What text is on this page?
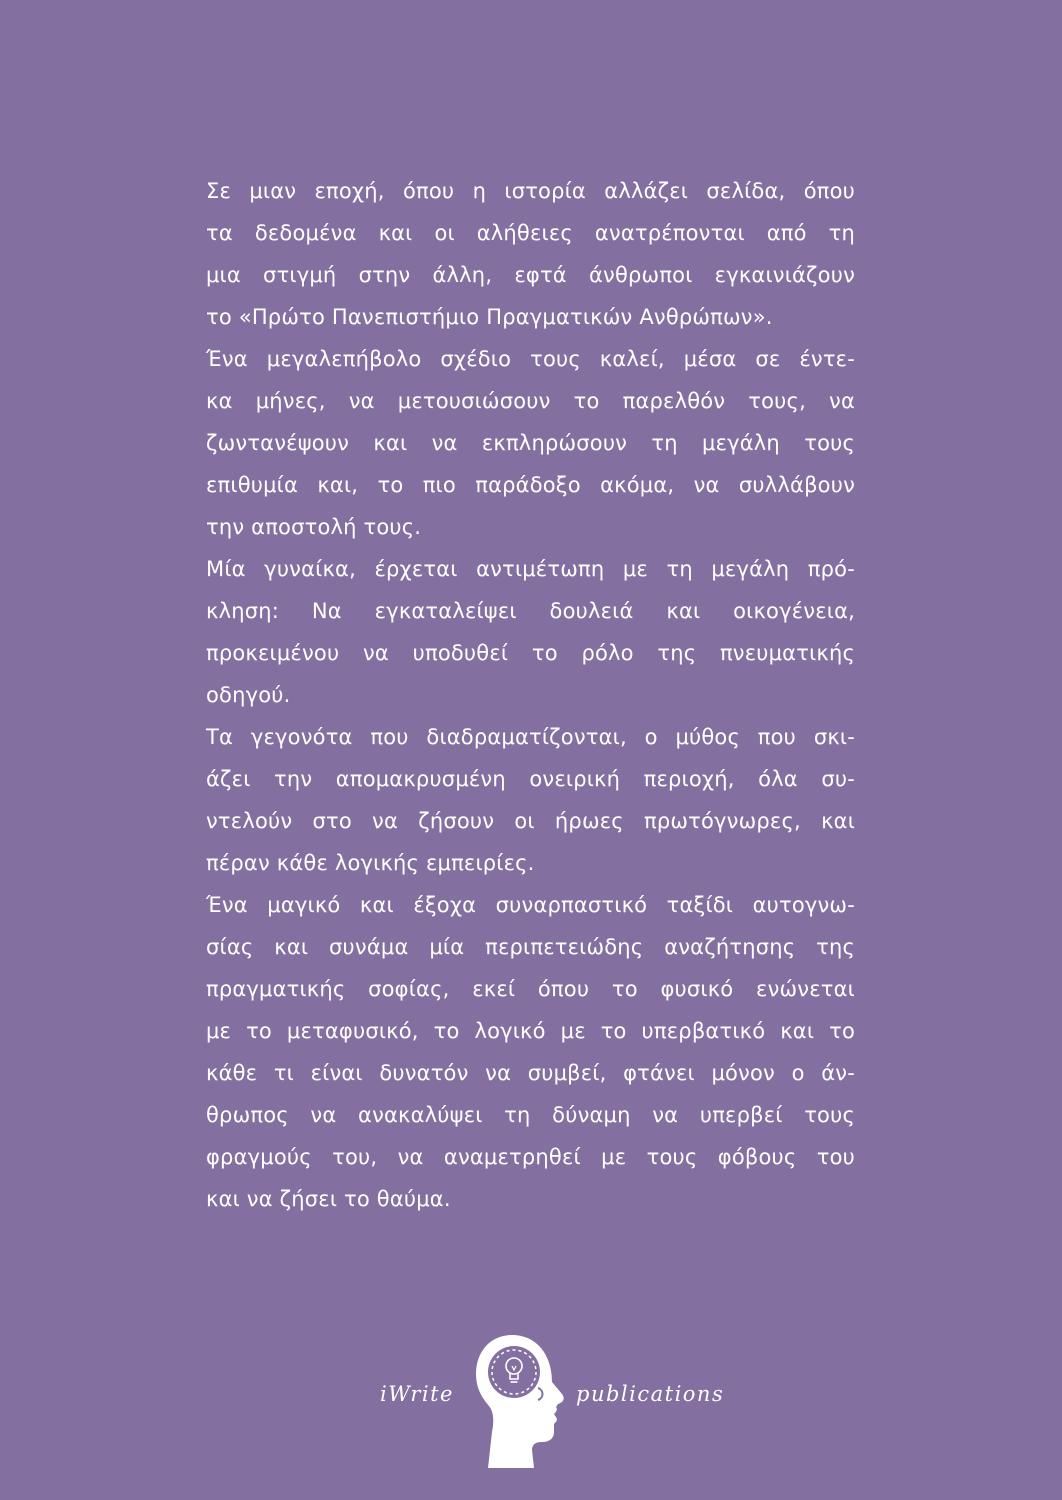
Σε μιαν εποχή, όπου η ιστορία αλλάζει σελίδα, όπου
τα δεδομένα και οι αλήθειες ανατρέπονται από τη
μια στιγμή στην άλλη, εφτά άνθρωποι εγκαινιάζουν
το «Πρώτο Πανεπιστήμιο Πραγματικών Ανθρώπων».
Ένα μεγαλεπήβολο σχέδιο τους καλεί, μέσα σε έντε-
κα μήνες, να μετουσιώσουν το παρελθόν τους, να
ζωντανέψουν και να εκπληρώσουν τη μεγάλη τους
επιθυμία και, το πιο παράδοξο ακόμα, να συλλάβουν
την αποστολή τους.
Μία γυναίκα, έρχεται αντιμέτωπη με τη μεγάλη πρό-
κληση: Να εγκαταλείψει δουλειά και οικογένεια,
προκειμένου να υποδυθεί το ρόλο της πνευματικής
οδηγού.
Τα γεγονότα που διαδραματίζονται, ο μύθος που σκι-
άζει την απομακρυσμένη ονειρική περιοχή, όλα συ-
ντελούν στο να ζήσουν οι ήρωες πρωτόγνωρες, και
πέραν κάθε λογικής εμπειρίες.
Ένα μαγικό και έξοχα συναρπαστικό ταξίδι αυτογνω-
σίας και συνάμα μία περιπετειώδης αναζήτησης της
πραγματικής σοφίας, εκεί όπου το φυσικό ενώνεται
με το μεταφυσικό, το λογικό με το υπερβατικό και το
κάθε τι είναι δυνατόν να συμβεί, φτάνει μόνον ο άν-
θρωπος να ανακαλύψει τη δύναμη να υπερβεί τους
φραγμούς του, να αναμετρηθεί με τους φόβους του
και να ζήσει το θαύμα.
iWrite	publications
